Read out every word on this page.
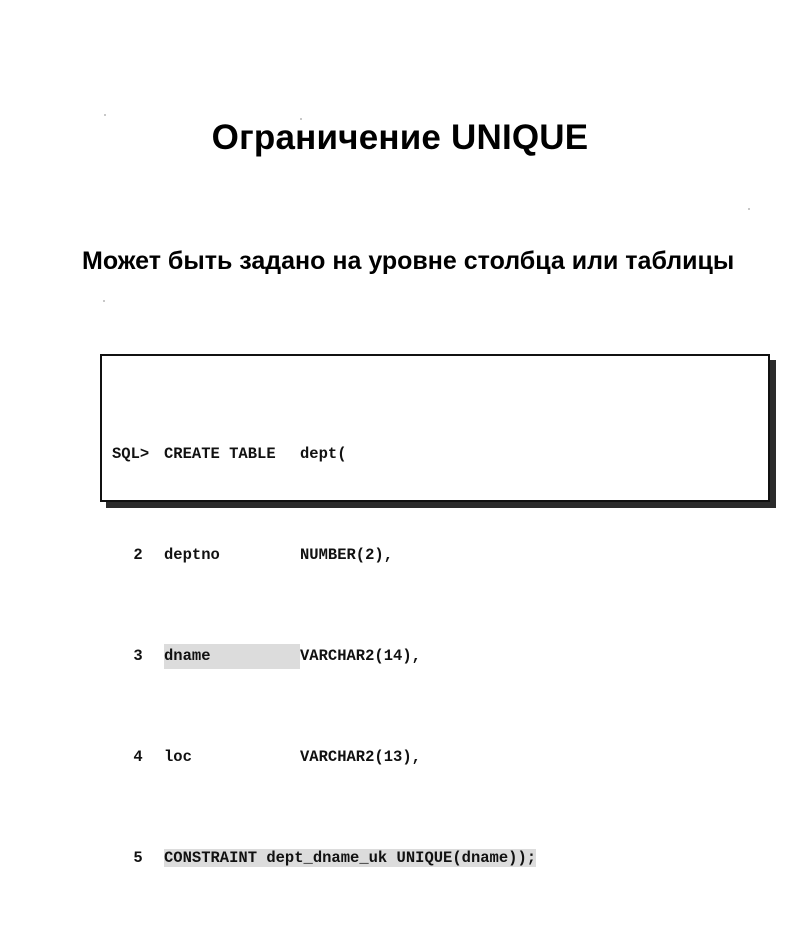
Ограничение UNIQUE
Может быть задано на уровне столбца или таблицы

SQL> CREATE TABLE dept(

2 deptno	NUMBER(2),

3 dname	VARCHAR2(14),

4 loc	VARCHAR2(13),

5 CONSTRAINT dept_dname_uk UNIQUE(dname));
